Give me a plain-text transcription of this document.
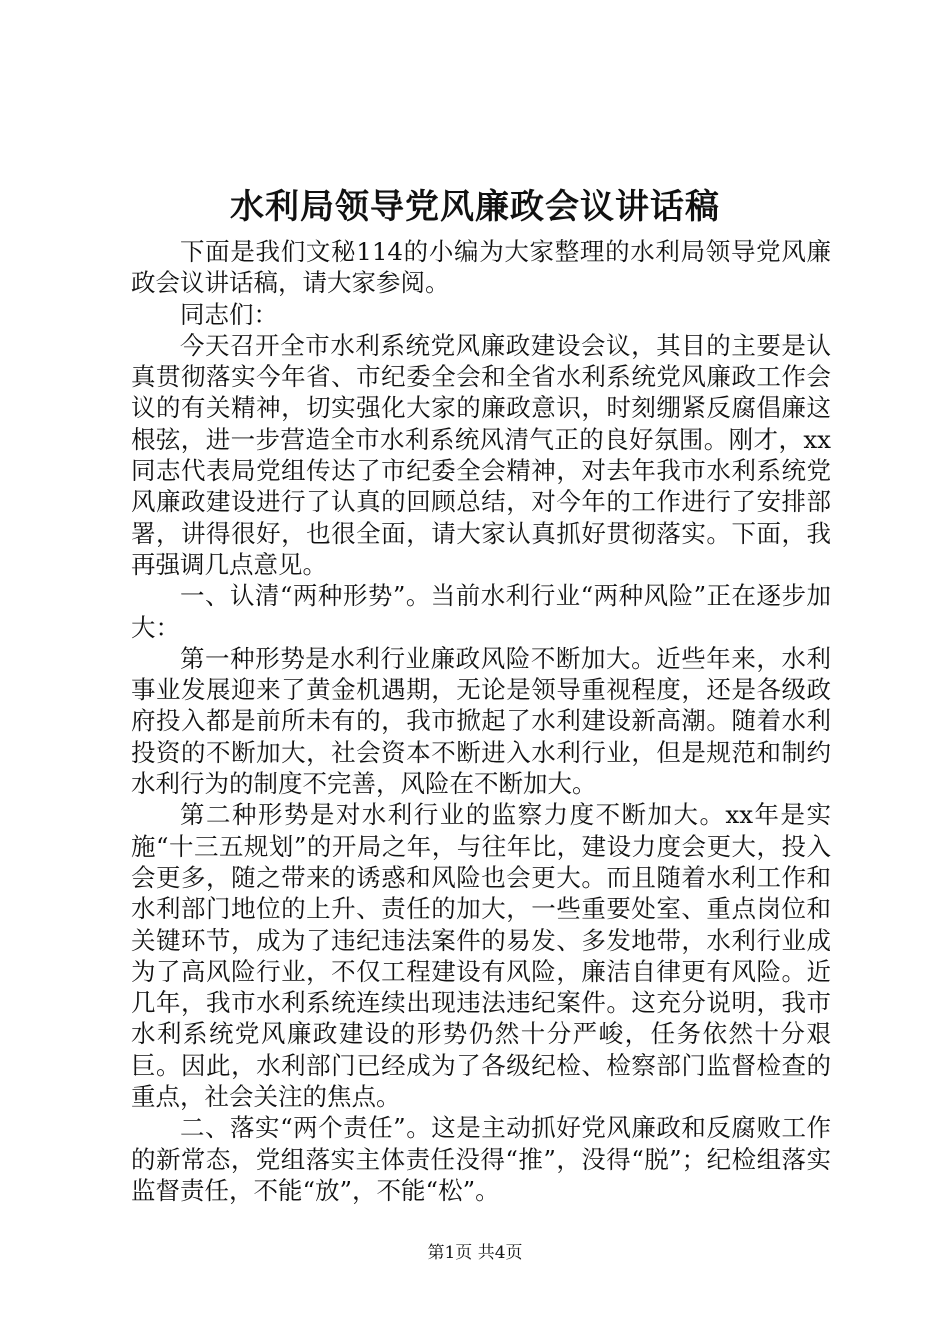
水利局领导党风廉政会议讲话稿

下面是我们文秘114的小编为大家整理的水利局领导党风廉政会议讲话稿，请大家参阅。

同志们：

今天召开全市水利系统党风廉政建设会议，其目的主要是认真贯彻落实今年省、市纪委全会和全省水利系统党风廉政工作会议的有关精神，切实强化大家的廉政意识，时刻绷紧反腐倡廉这根弦，进一步营造全市水利系统风清气正的良好氛围。刚才，xx同志代表局党组传达了市纪委全会精神，对去年我市水利系统党风廉政建设进行了认真的回顾总结，对今年的工作进行了安排部署，讲得很好，也很全面，请大家认真抓好贯彻落实。下面，我再强调几点意见。

一、认清“两种形势”。当前水利行业“两种风险”正在逐步加大：

第一种形势是水利行业廉政风险不断加大。近些年来，水利事业发展迎来了黄金机遇期，无论是领导重视程度，还是各级政府投入都是前所未有的，我市掀起了水利建设新高潮。随着水利投资的不断加大，社会资本不断进入水利行业，但是规范和制约水利行为的制度不完善，风险在不断加大。

第二种形势是对水利行业的监察力度不断加大。xx年是实施“十三五规划”的开局之年，与往年比，建设力度会更大，投入会更多，随之带来的诱惑和风险也会更大。而且随着水利工作和水利部门地位的上升、责任的加大，一些重要处室、重点岗位和关键环节，成为了违纪违法案件的易发、多发地带，水利行业成为了高风险行业，不仅工程建设有风险，廉洁自律更有风险。近几年，我市水利系统连续出现违法违纪案件。这充分说明，我市水利系统党风廉政建设的形势仍然十分严峻，任务依然十分艰巨。因此，水利部门已经成为了各级纪检、检察部门监督检查的重点，社会关注的焦点。

二、落实“两个责任”。这是主动抓好党风廉政和反腐败工作的新常态，党组落实主体责任没得“推”，没得“脱”；纪检组落实监督责任，不能“放”，不能“松”。

第1页 共4页
